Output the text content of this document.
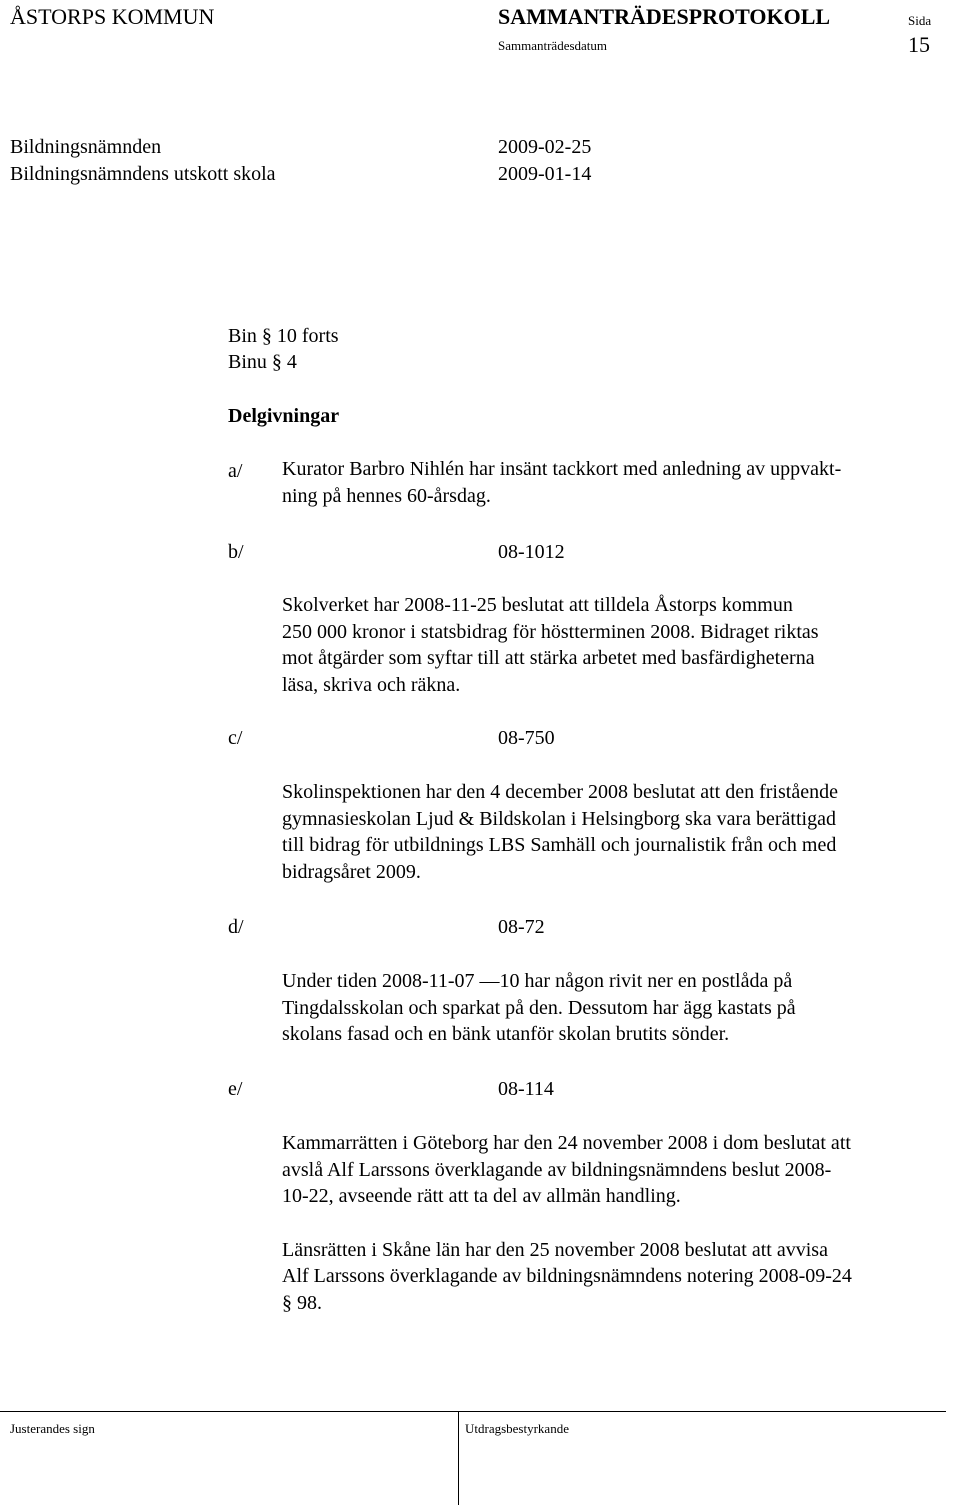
ÅSTORPS KOMMUN	SAMMANTRÄDESPROTOKOLL	Sida
Sammanträdesdatum	15
Bildningsnämnden	2009-02-25
Bildningsnämndens utskott skola	2009-01-14
Bin § 10 forts
Binu § 4
Delgivningar
a/ Kurator Barbro Nihlén har insänt tackkort med anledning av uppvakt-
ning på hennes 60-årsdag.
b/	08-1012
Skolverket har 2008-11-25 beslutat att tilldela Åstorps kommun
250 000 kronor i statsbidrag för höstterminen 2008. Bidraget riktas
mot åtgärder som syftar till att stärka arbetet med basfärdigheterna
läsa, skriva och räkna.
c/	08-750
Skolinspektionen har den 4 december 2008 beslutat att den fristående
gymnasieskolan Ljud & Bildskolan i Helsingborg ska vara berättigad
till bidrag för utbildnings LBS Samhäll och journalistik från och med
bidragsåret 2009.
d/	08-72
Under tiden 2008-11-07 —10 har någon rivit ner en postlåda på
Tingdalsskolan och sparkat på den. Dessutom har ägg kastats på
skolans fasad och en bänk utanför skolan brutits sönder.
e/	08-114
Kammarrätten i Göteborg har den 24 november 2008 i dom beslutat att
avslå Alf Larssons överklagande av bildningsnämndens beslut 2008-
10-22, avseende rätt att ta del av allmän handling.
Länsrätten i Skåne län har den 25 november 2008 beslutat att avvisa
Alf Larssons överklagande av bildningsnämndens notering 2008-09-24
§ 98.
Justerandes sign	Utdragsbestyrkande
